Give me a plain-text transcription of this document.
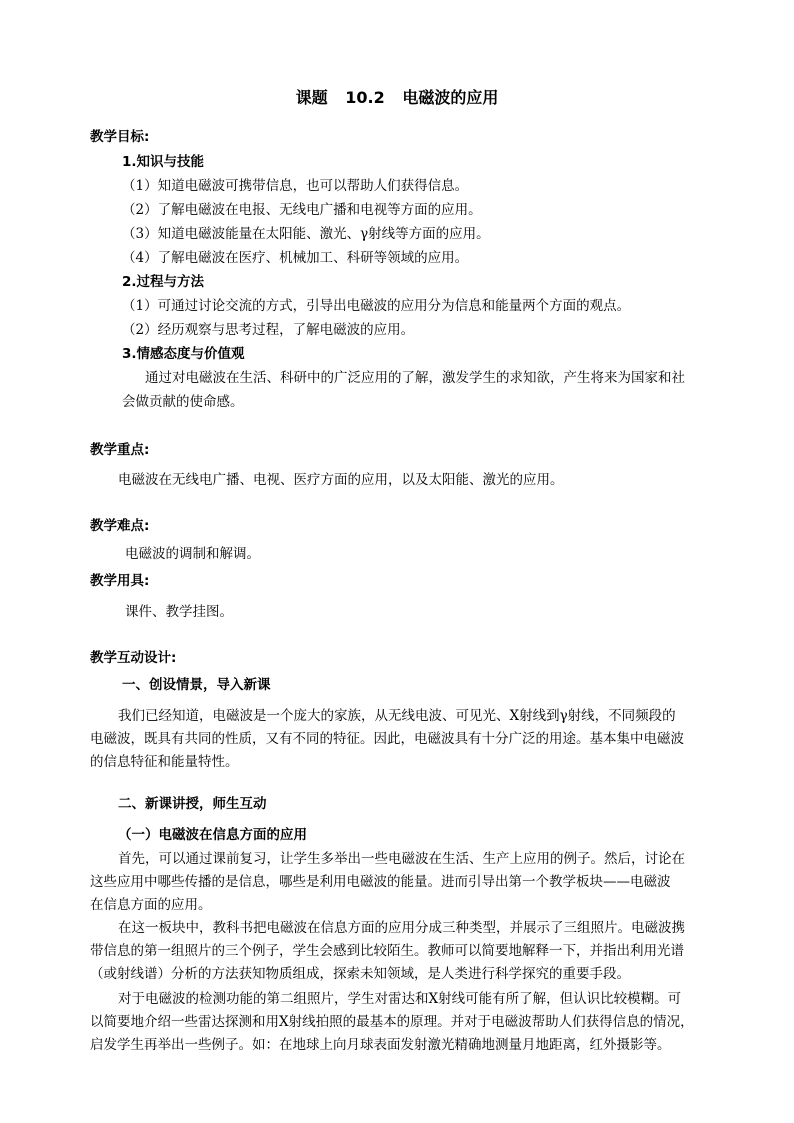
课题 10.2 电磁波的应用
教学目标:
1.知识与技能
（1）知道电磁波可携带信息，也可以帮助人们获得信息。
（2）了解电磁波在电报、无线电广播和电视等方面的应用。
（3）知道电磁波能量在太阳能、激光、γ射线等方面的应用。
（4）了解电磁波在医疗、机械加工、科研等领域的应用。
2.过程与方法
（1）可通过讨论交流的方式，引导出电磁波的应用分为信息和能量两个方面的观点。
（2）经历观察与思考过程，了解电磁波的应用。
3.情感态度与价值观
通过对电磁波在生活、科研中的广泛应用的了解，激发学生的求知欲，产生将来为国家和社
会做贡献的使命感。
教学重点:
电磁波在无线电广播、电视、医疗方面的应用，以及太阳能、激光的应用。
教学难点:
电磁波的调制和解调。
教学用具:
课件、教学挂图。
教学互动设计:
一、创设情景，导入新课
我们已经知道，电磁波是一个庞大的家族，从无线电波、可见光、X射线到γ射线，不同频段的
电磁波，既具有共同的性质，又有不同的特征。因此，电磁波具有十分广泛的用途。基本集中电磁波
的信息特征和能量特性。
二、新课讲授，师生互动
（一）电磁波在信息方面的应用
首先，可以通过课前复习，让学生多举出一些电磁波在生活、生产上应用的例子。然后，讨论在
这些应用中哪些传播的是信息，哪些是利用电磁波的能量。进而引导出第一个教学板块——电磁波
在信息方面的应用。
在这一板块中，教科书把电磁波在信息方面的应用分成三种类型，并展示了三组照片。电磁波携
带信息的第一组照片的三个例子，学生会感到比较陌生。教师可以简要地解释一下，并指出利用光谱
（或射线谱）分析的方法获知物质组成，探索未知领域，是人类进行科学探究的重要手段。
对于电磁波的检测功能的第二组照片，学生对雷达和X射线可能有所了解，但认识比较模糊。可
以简要地介绍一些雷达探测和用X射线拍照的最基本的原理。并对于电磁波帮助人们获得信息的情况，
启发学生再举出一些例子。如：在地球上向月球表面发射激光精确地测量月地距离，红外摄影等。
